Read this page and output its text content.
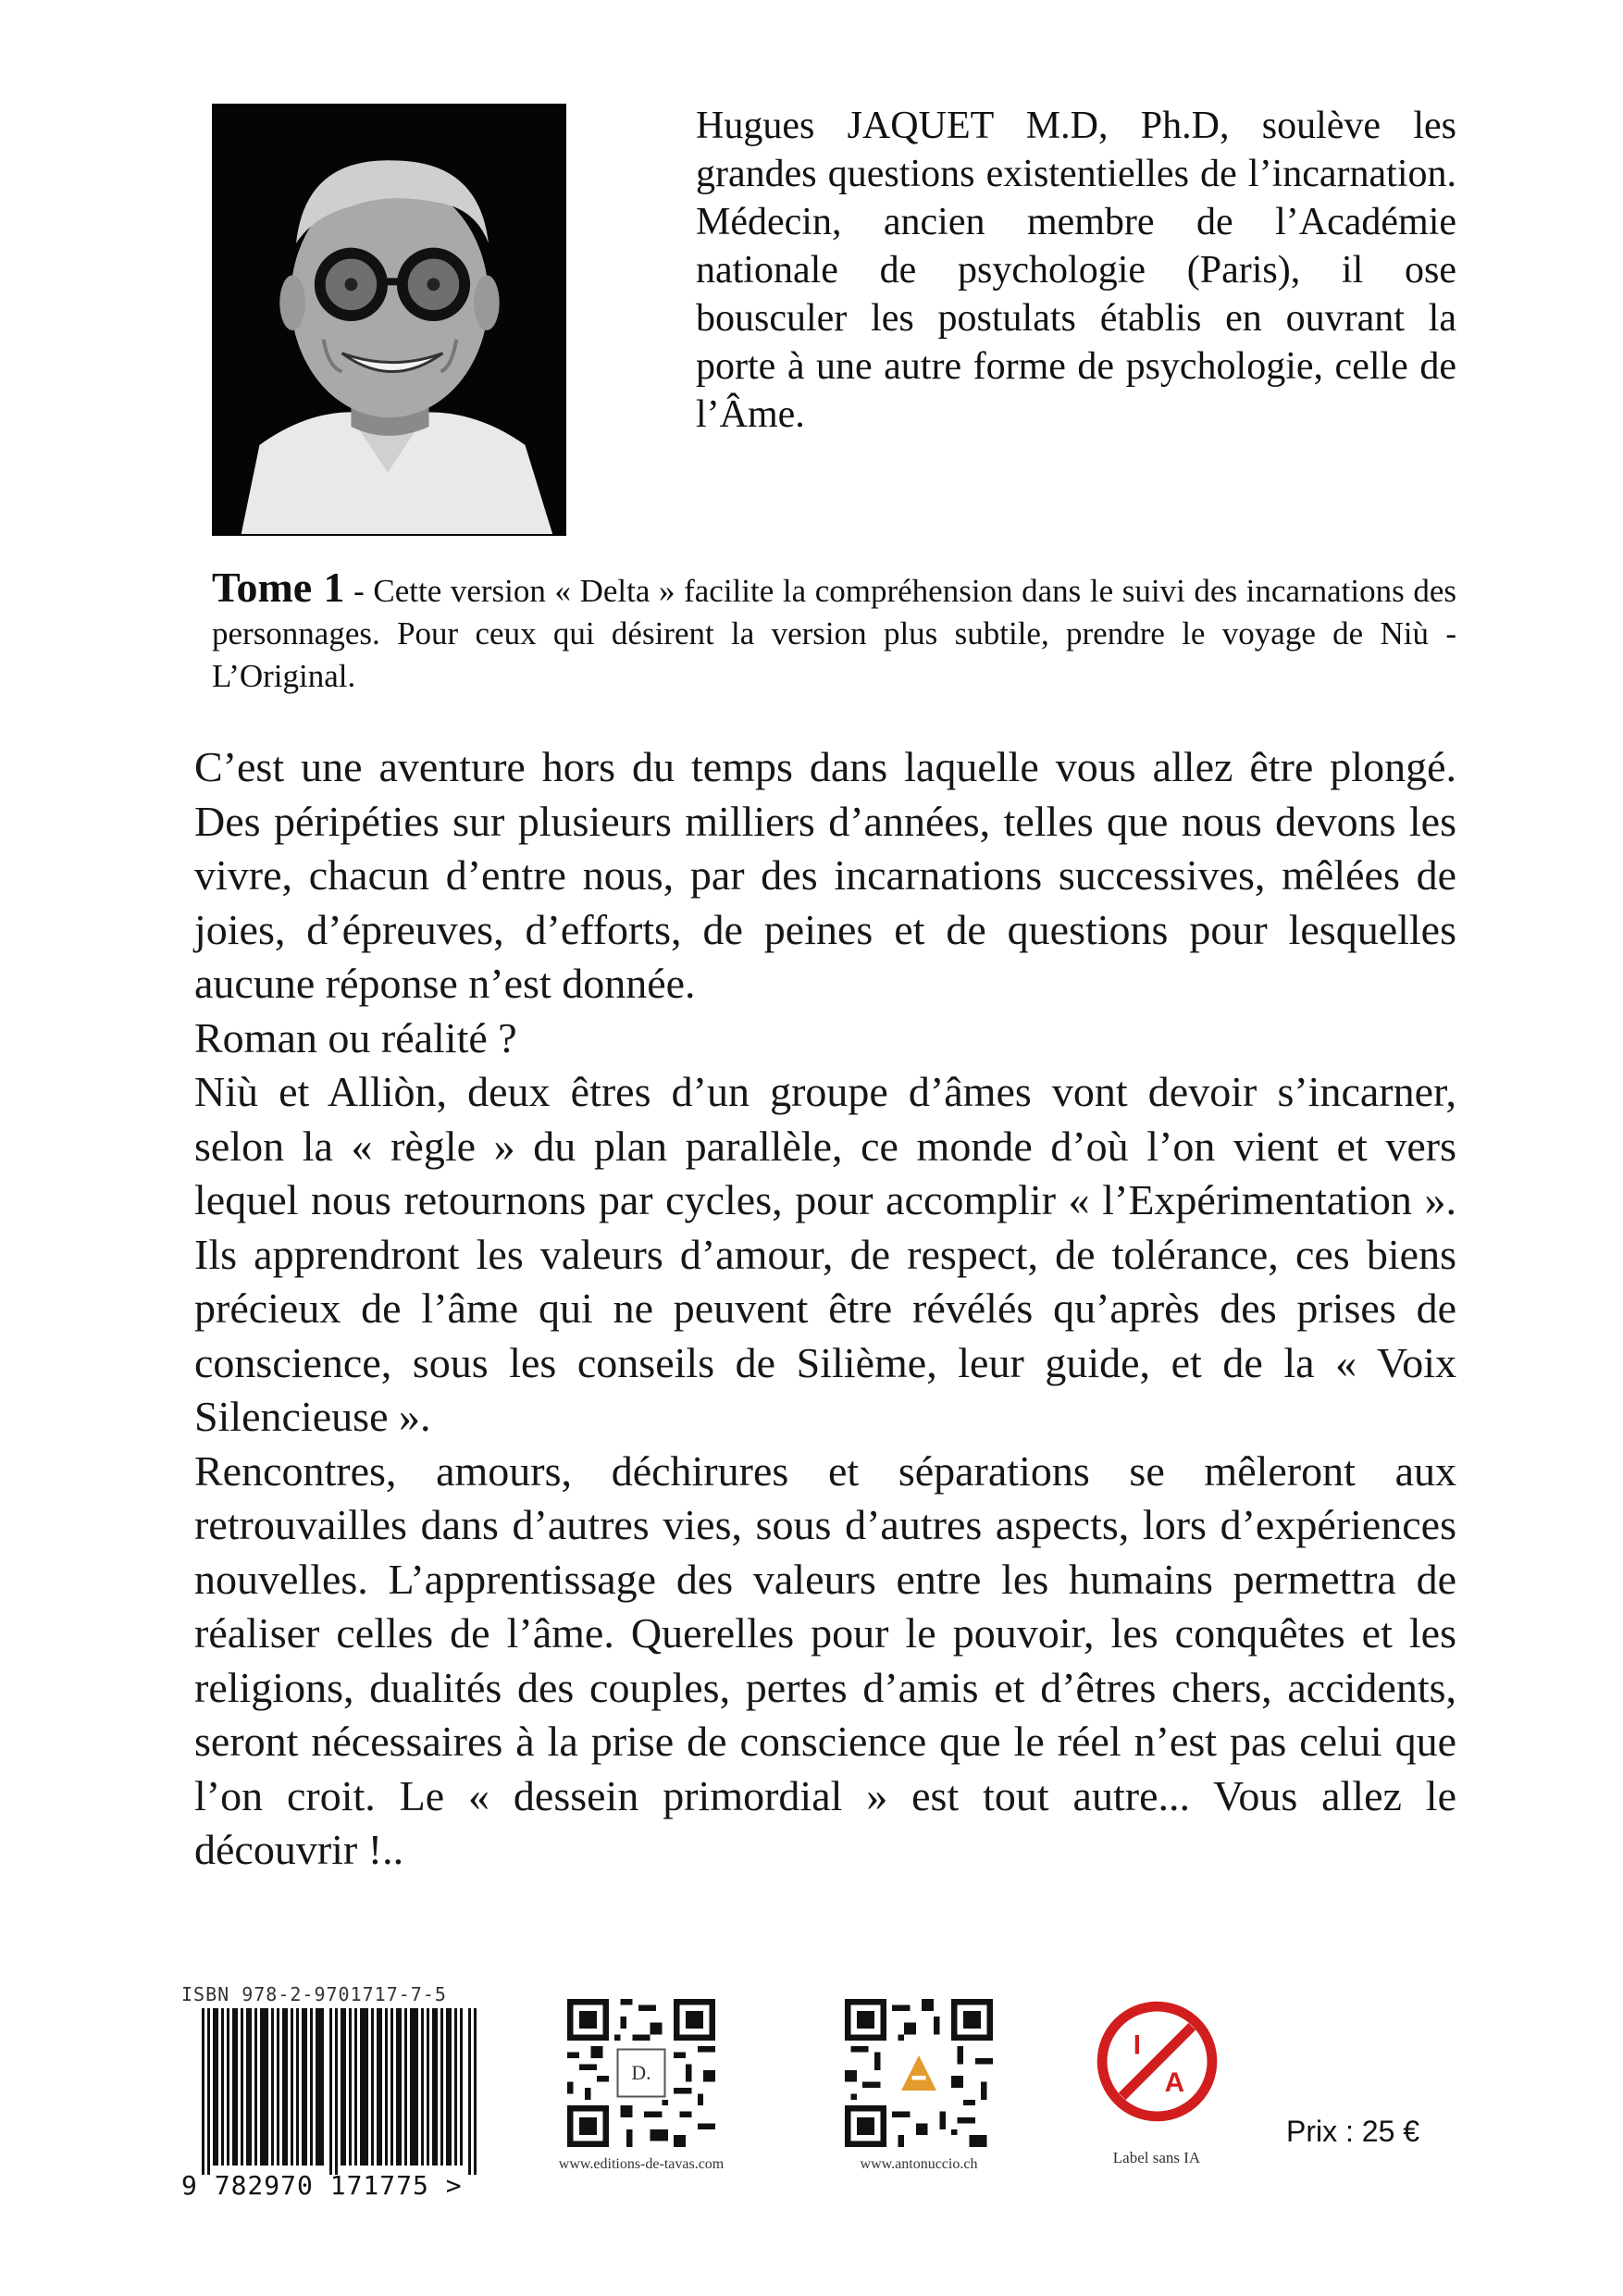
Hugues JAQUET M.D, Ph.D, soulève les grandes questions existentielles de l’incarnation. Médecin, ancien membre de l’Académie nationale de psychologie (Paris), il ose bousculer les postulats établis en ouvrant la porte à une autre forme de psychologie, celle de l’Âme.
Tome 1 - Cette version « Delta » facilite la compréhension dans le suivi des incarnations des personnages. Pour ceux qui désirent la version plus subtile, prendre le voyage de Niù - L’Original.

C’est une aventure hors du temps dans laquelle vous allez être plongé. Des péripéties sur plusieurs milliers d’années, telles que nous devons les vivre, chacun d’entre nous, par des incarnations successives, mêlées de joies, d’épreuves, d’efforts, de peines et de questions pour lesquelles aucune réponse n’est donnée.

Roman ou réalité ?

Niù et Alliòn, deux êtres d’un groupe d’âmes vont devoir s’incarner, selon la « règle » du plan parallèle, ce monde d’où l’on vient et vers lequel nous retournons par cycles, pour accomplir « l’Expérimentation ». Ils apprendront les valeurs d’amour, de respect, de tolérance, ces biens précieux de l’âme qui ne peuvent être révélés qu’après des prises de conscience, sous les conseils de Silième, leur guide, et de la « Voix Silencieuse ».

Rencontres, amours, déchirures et séparations se mêleront aux retrouvailles dans d’autres vies, sous d’autres aspects, lors d’expériences nouvelles. L’apprentissage des valeurs entre les humains permettra de réaliser celles de l’âme. Querelles pour le pouvoir, les conquêtes et les religions, dualités des couples, pertes d’amis et d’êtres chers, accidents, seront nécessaires à la prise de conscience que le réel n’est pas celui que l’on croit. Le « dessein primordial » est tout autre... Vous allez le découvrir !..

ISBN 978-2-9701717-7-5
9 782970 171775 >
D.
www.editions-de-tavas.com	www.antonuccio.ch
I
A
Label sans IA
Prix : 25 €
